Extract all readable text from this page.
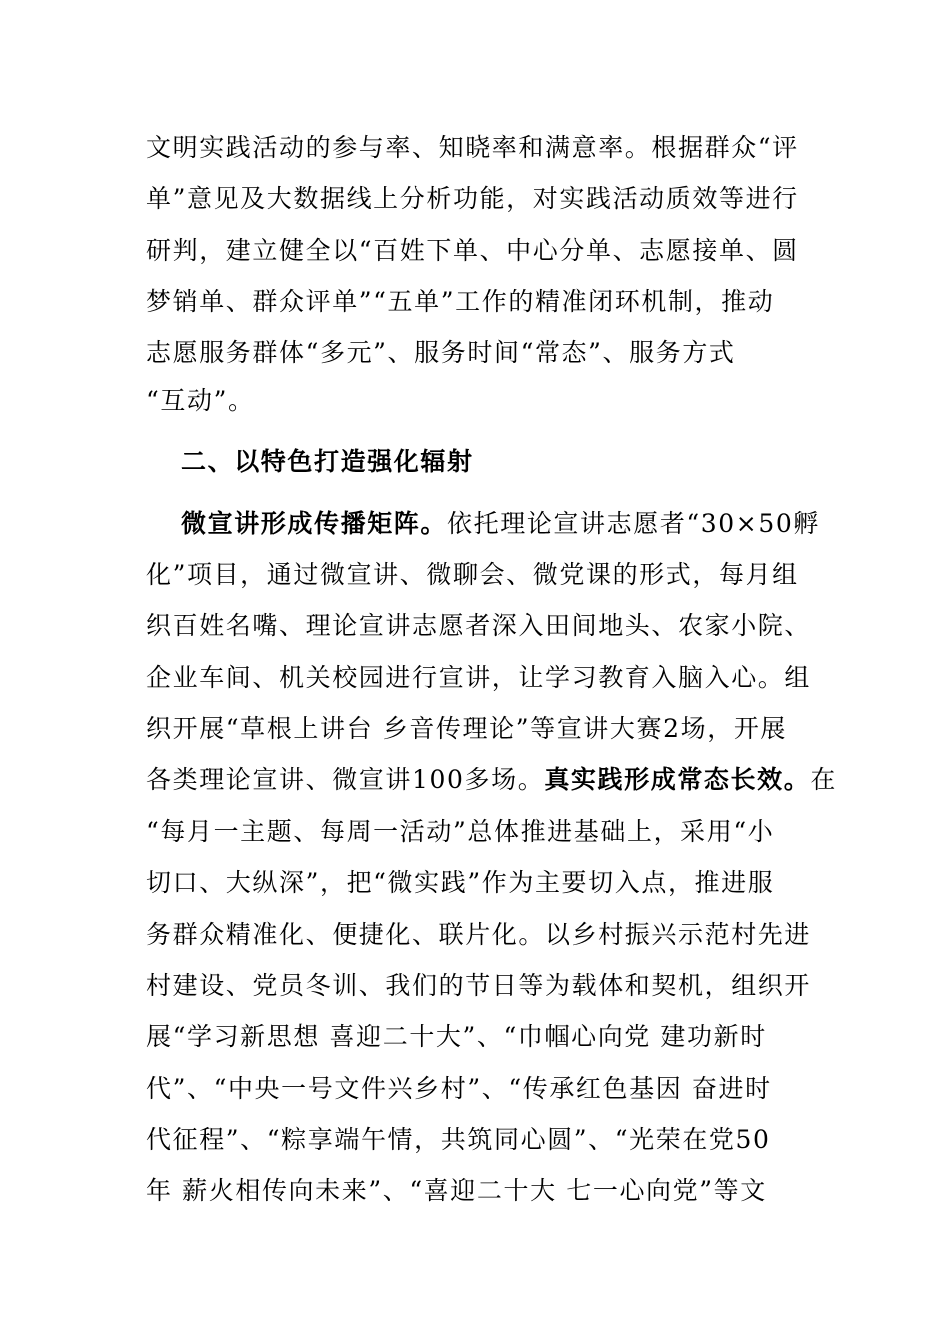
文明实践活动的参与率、知晓率和满意率。根据群众“评
单”意见及大数据线上分析功能，对实践活动质效等进行
研判，建立健全以“百姓下单、中心分单、志愿接单、圆
梦销单、群众评单”“五单”工作的精准闭环机制，推动
志愿服务群体“多元”、服务时间“常态”、服务方式
“互动”。
二、以特色打造强化辐射
微宣讲形成传播矩阵。依托理论宣讲志愿者“30×50孵
化”项目，通过微宣讲、微聊会、微党课的形式，每月组
织百姓名嘴、理论宣讲志愿者深入田间地头、农家小院、
企业车间、机关校园进行宣讲，让学习教育入脑入心。组
织开展“草根上讲台 乡音传理论”等宣讲大赛2场，开展
各类理论宣讲、微宣讲100多场。真实践形成常态长效。在
“每月一主题、每周一活动”总体推进基础上，采用“小
切口、大纵深”，把“微实践”作为主要切入点，推进服
务群众精准化、便捷化、联片化。以乡村振兴示范村先进
村建设、党员冬训、我们的节日等为载体和契机，组织开
展“学习新思想 喜迎二十大”、“巾帼心向党 建功新时
代”、“中央一号文件兴乡村”、“传承红色基因 奋进时
代征程”、“粽享端午情，共筑同心圆”、“光荣在党50
年 薪火相传向未来”、“喜迎二十大 七一心向党”等文
